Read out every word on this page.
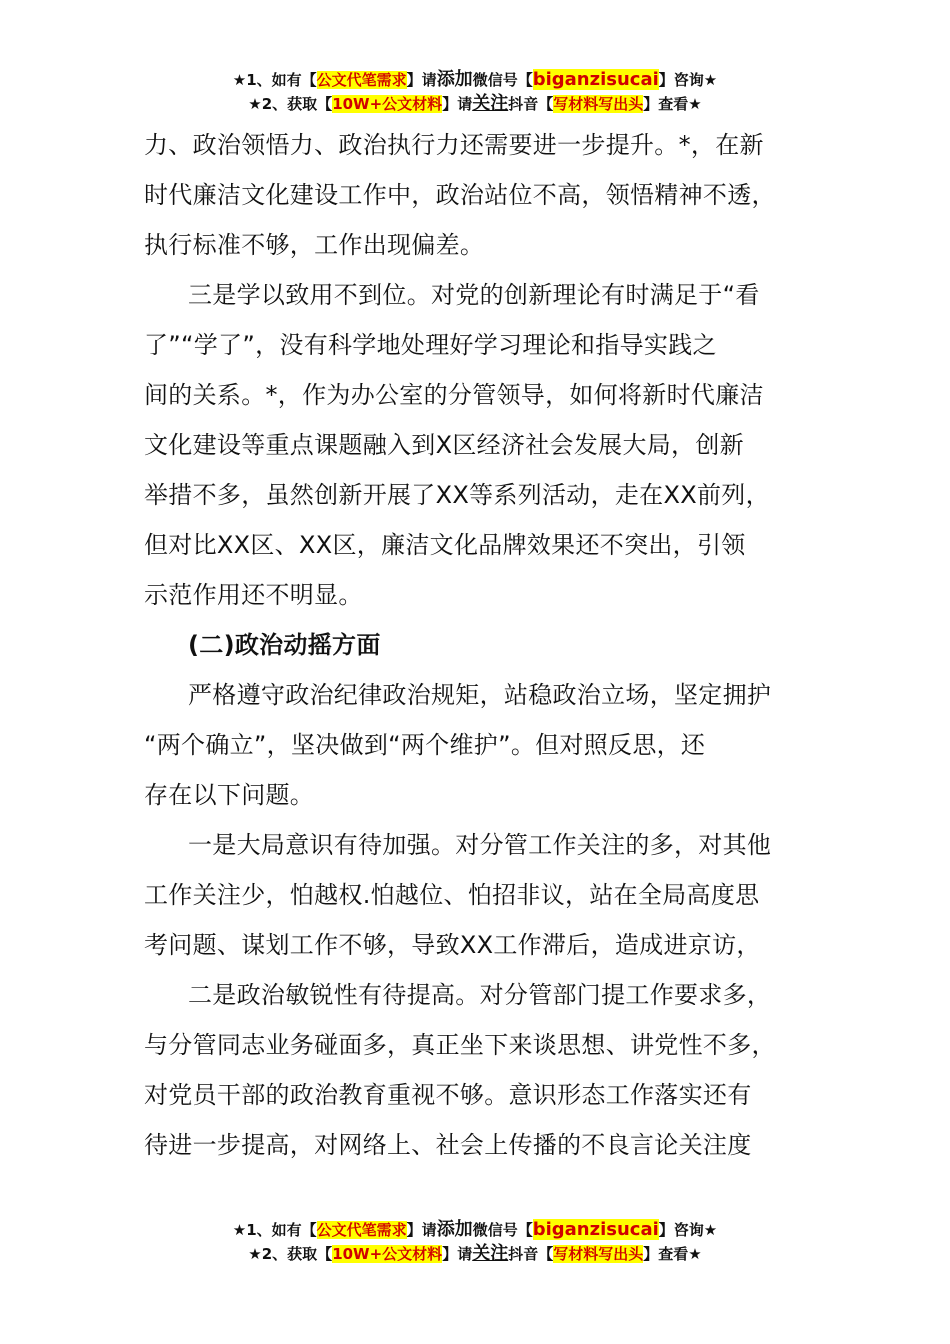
★1、如有【公文代笔需求】请添加微信号【biganzisucai】咨询★
★2、获取【10W+公文材料】请关注抖音【写材料写出头】查看★
力、政治领悟力、政治执行力还需要进一步提升。*，在新
时代廉洁文化建设工作中，政治站位不高，领悟精神不透，
执行标准不够，工作出现偏差。
三是学以致用不到位。对党的创新理论有时满足于“看
了”“学了”，没有科学地处理好学习理论和指导实践之
间的关系。*，作为办公室的分管领导，如何将新时代廉洁
文化建设等重点课题融入到X区经济社会发展大局，创新
举措不多，虽然创新开展了XX等系列活动，走在XX前列，
但对比XX区、XX区，廉洁文化品牌效果还不突出，引领
示范作用还不明显。
(二)政治动摇方面
严格遵守政治纪律政治规矩，站稳政治立场，坚定拥护
“两个确立”，坚决做到“两个维护”。但对照反思，还
存在以下问题。
一是大局意识有待加强。对分管工作关注的多，对其他
工作关注少，怕越权.怕越位、怕招非议，站在全局高度思
考问题、谋划工作不够，导致XX工作滞后，造成进京访，
二是政治敏锐性有待提高。对分管部门提工作要求多，
与分管同志业务碰面多，真正坐下来谈思想、讲党性不多，
对党员干部的政治教育重视不够。意识形态工作落实还有
待进一步提高，对网络上、社会上传播的不良言论关注度
★1、如有【公文代笔需求】请添加微信号【biganzisucai】咨询★
★2、获取【10W+公文材料】请关注抖音【写材料写出头】查看★
